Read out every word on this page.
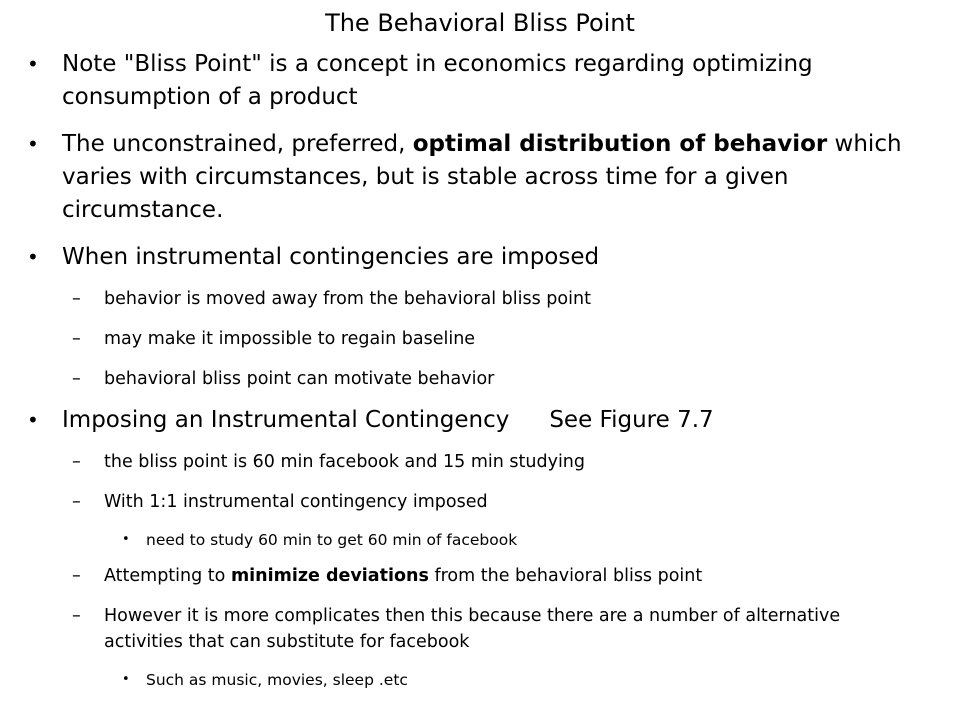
The Behavioral Bliss Point
• Note "Bliss Point" is a concept in economics regarding optimizing consumption of a product
• The unconstrained, preferred, optimal distribution of behavior which varies with circumstances, but is stable across time for a given circumstance.
• When instrumental contingencies are imposed
– behavior is moved away from the behavioral bliss point
– may make it impossible to regain baseline
– behavioral bliss point can motivate behavior
• Imposing an Instrumental Contingency See Figure 7.7
– the bliss point is 60 min facebook and 15 min studying
– With 1:1 instrumental contingency imposed
• need to study 60 min to get 60 min of facebook
– Attempting to minimize deviations from the behavioral bliss point
– However it is more complicates then this because there are a number of alternative activities that can substitute for facebook
• Such as music, movies, sleep .etc
